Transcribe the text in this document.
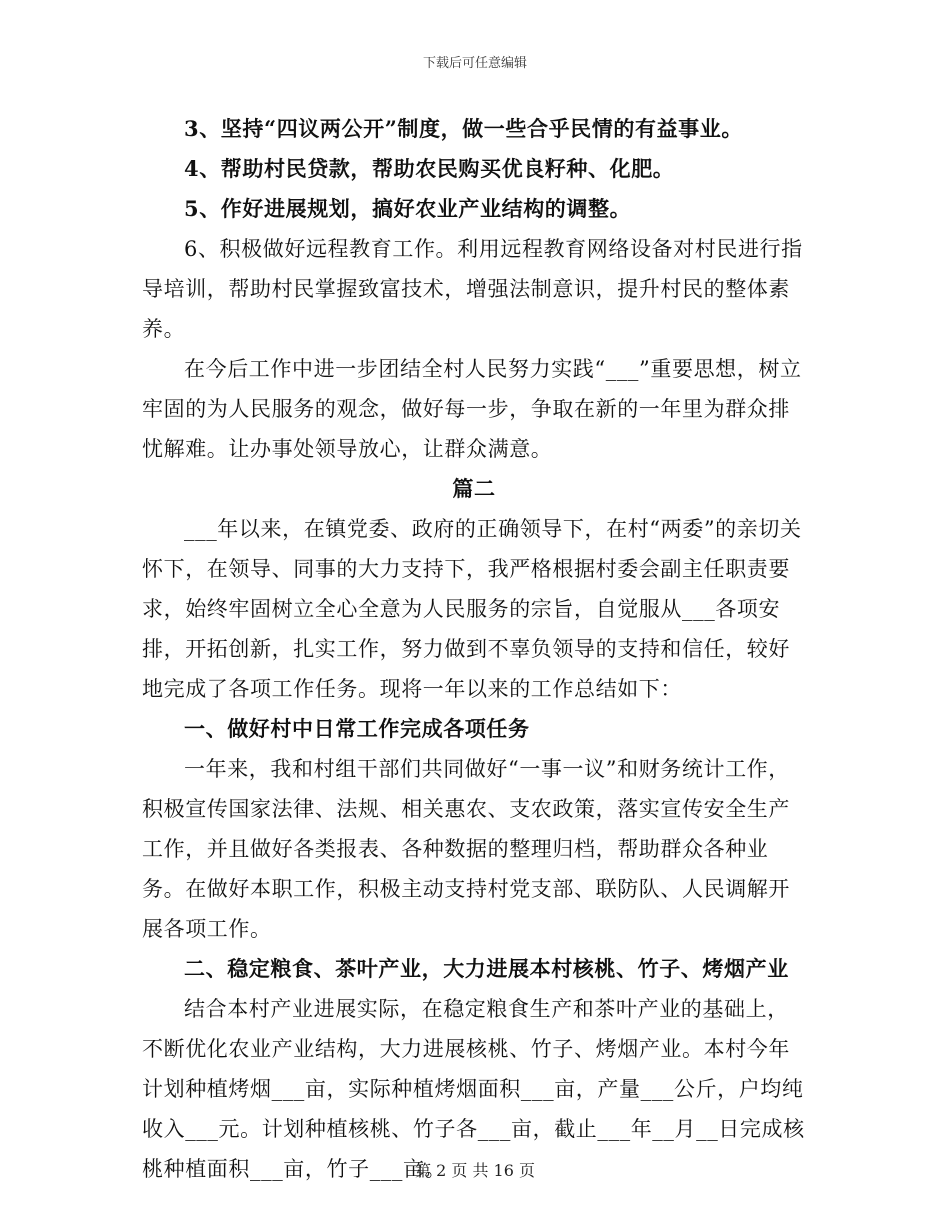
下载后可任意编辑

3、坚持“四议两公开”制度，做一些合乎民情的有益事业。

4、帮助村民贷款，帮助农民购买优良籽种、化肥。

5、作好进展规划，搞好农业产业结构的调整。

6、积极做好远程教育工作。利用远程教育网络设备对村民进行指导培训，帮助村民掌握致富技术，增强法制意识，提升村民的整体素养。

在今后工作中进一步团结全村人民努力实践“___”重要思想，树立牢固的为人民服务的观念，做好每一步，争取在新的一年里为群众排忧解难。让办事处领导放心，让群众满意。

篇二

___年以来，在镇党委、政府的正确领导下，在村“两委”的亲切关怀下，在领导、同事的大力支持下，我严格根据村委会副主任职责要求，始终牢固树立全心全意为人民服务的宗旨，自觉服从___各项安排，开拓创新，扎实工作，努力做到不辜负领导的支持和信任，较好地完成了各项工作任务。现将一年以来的工作总结如下：

一、做好村中日常工作完成各项任务

一年来，我和村组干部们共同做好“一事一议”和财务统计工作，积极宣传国家法律、法规、相关惠农、支农政策，落实宣传安全生产工作，并且做好各类报表、各种数据的整理归档，帮助群众各种业务。在做好本职工作，积极主动支持村党支部、联防队、人民调解开展各项工作。

二、稳定粮食、茶叶产业，大力进展本村核桃、竹子、烤烟产业

结合本村产业进展实际，在稳定粮食生产和茶叶产业的基础上，不断优化农业产业结构，大力进展核桃、竹子、烤烟产业。本村今年计划种植烤烟___亩，实际种植烤烟面积___亩，产量___公斤，户均纯收入___元。计划种植核桃、竹子各___亩，截止___年__月__日完成核桃种植面积___亩，竹子___亩。

第 2 页 共 16 页
